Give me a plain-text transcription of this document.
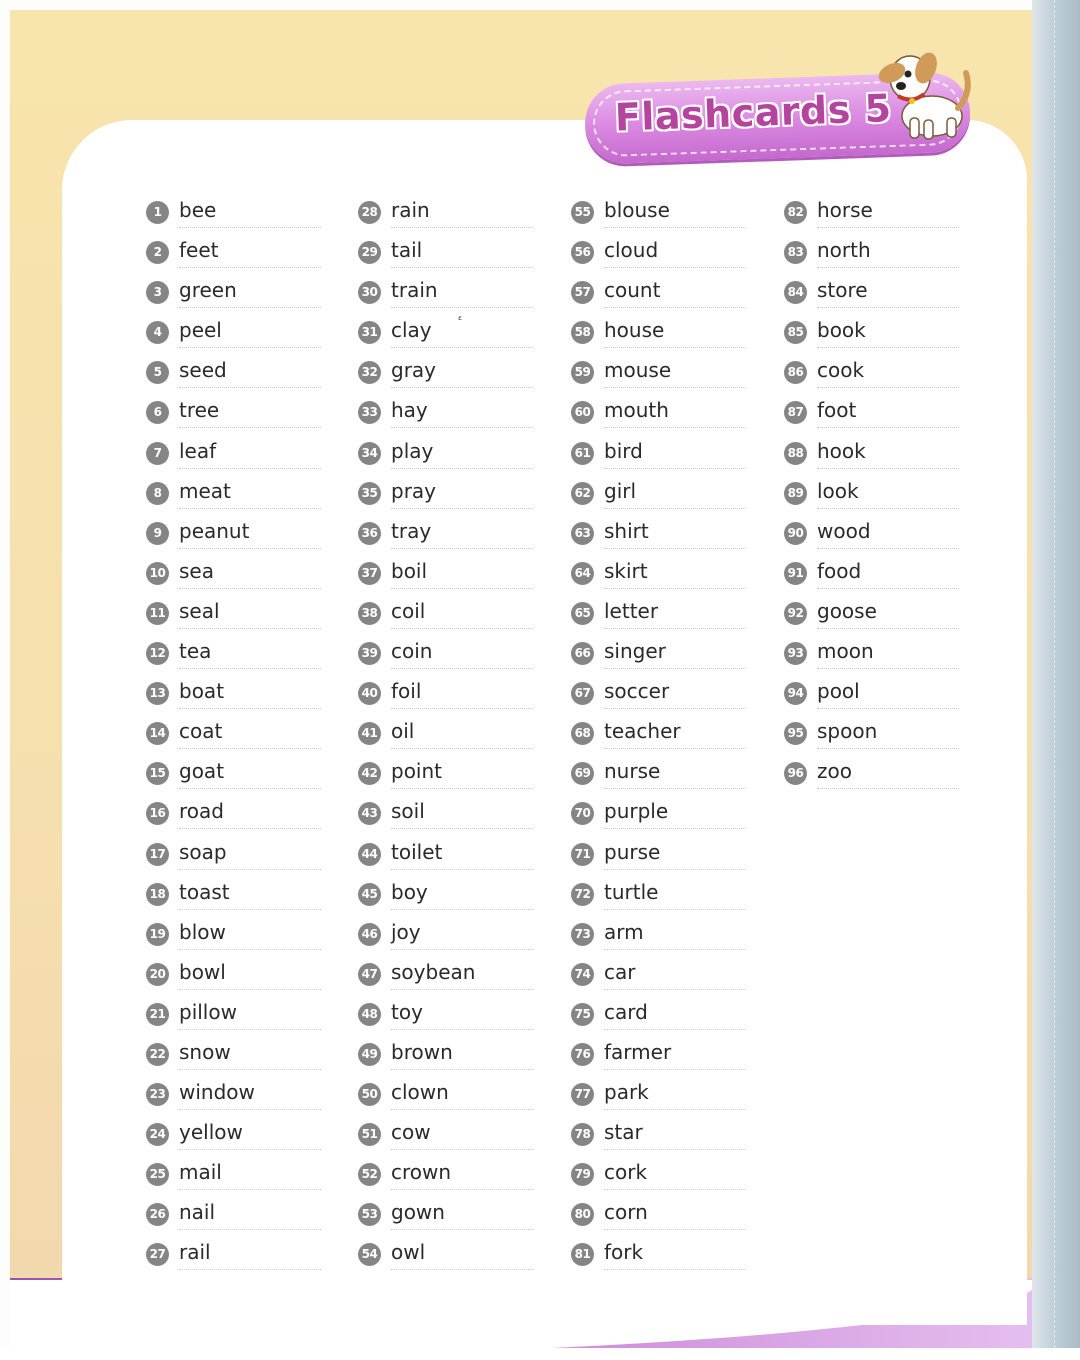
Flashcards 5
ᵋ
1 bee
2 feet
3 green
4 peel
5 seed
6 tree
7 leaf
8 meat
9 peanut
10 sea
11 seal
12 tea
13 boat
14 coat
15 goat
16 road
17 soap
18 toast
19 blow
20 bowl
21 pillow
22 snow
23 window
24 yellow
25 mail
26 nail
27 rail
28 rain
29 tail
30 train
31 clay
32 gray
33 hay
34 play
35 pray
36 tray
37 boil
38 coil
39 coin
40 foil
41 oil
42 point
43 soil
44 toilet
45 boy
46 joy
47 soybean
48 toy
49 brown
50 clown
51 cow
52 crown
53 gown
54 owl
55 blouse
56 cloud
57 count
58 house
59 mouse
60 mouth
61 bird
62 girl
63 shirt
64 skirt
65 letter
66 singer
67 soccer
68 teacher
69 nurse
70 purple
71 purse
72 turtle
73 arm
74 car
75 card
76 farmer
77 park
78 star
79 cork
80 corn
81 fork
82 horse
83 north
84 store
85 book
86 cook
87 foot
88 hook
89 look
90 wood
91 food
92 goose
93 moon
94 pool
95 spoon
96 zoo
